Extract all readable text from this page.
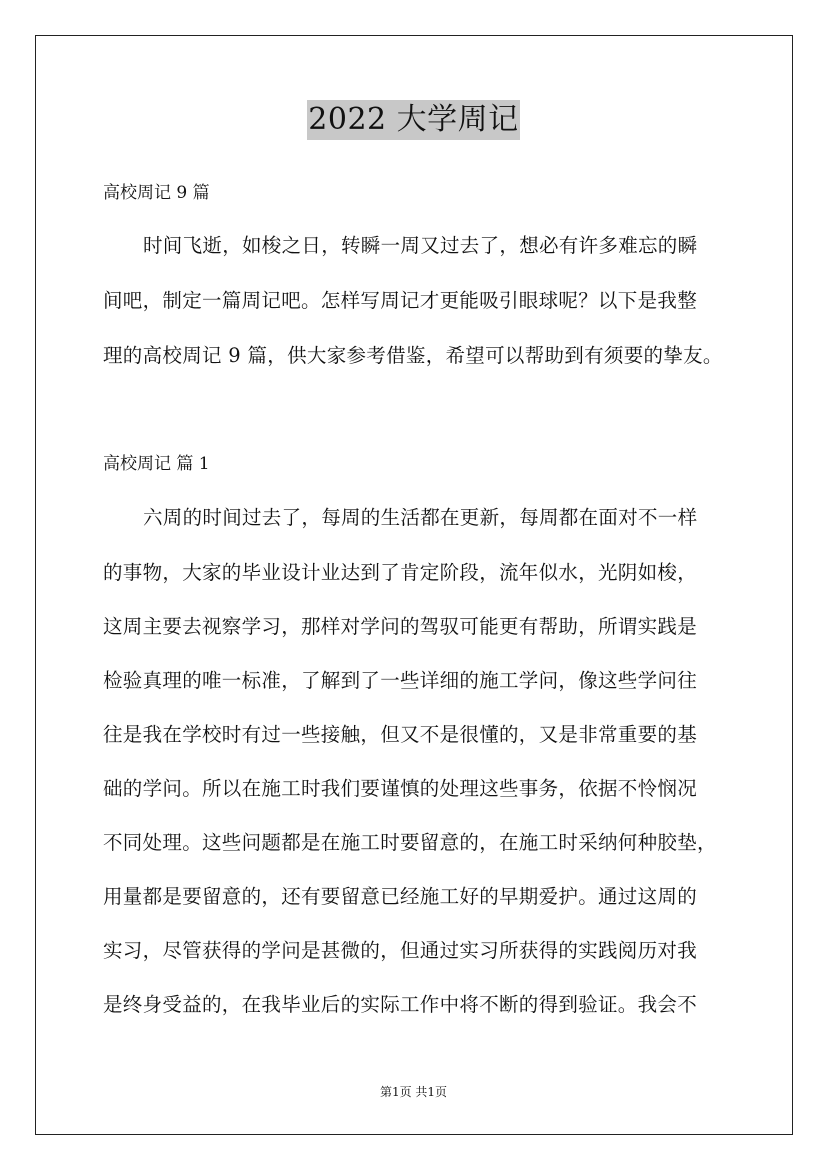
2022 大学周记
高校周记 9 篇
时间飞逝，如梭之日，转瞬一周又过去了，想必有许多难忘的瞬
间吧，制定一篇周记吧。怎样写周记才更能吸引眼球呢？以下是我整
理的高校周记 9 篇，供大家参考借鉴，希望可以帮助到有须要的挚友。
高校周记 篇 1
六周的时间过去了，每周的生活都在更新，每周都在面对不一样
的事物，大家的毕业设计业达到了肯定阶段，流年似水，光阴如梭，
这周主要去视察学习，那样对学问的驾驭可能更有帮助，所谓实践是
检验真理的唯一标准，了解到了一些详细的施工学问，像这些学问往
往是我在学校时有过一些接触，但又不是很懂的，又是非常重要的基
础的学问。所以在施工时我们要谨慎的处理这些事务，依据不怜悯况
不同处理。这些问题都是在施工时要留意的，在施工时采纳何种胶垫，
用量都是要留意的，还有要留意已经施工好的早期爱护。通过这周的
实习，尽管获得的学问是甚微的，但通过实习所获得的实践阅历对我
是终身受益的，在我毕业后的实际工作中将不断的得到验证。我会不
第1页 共1页
